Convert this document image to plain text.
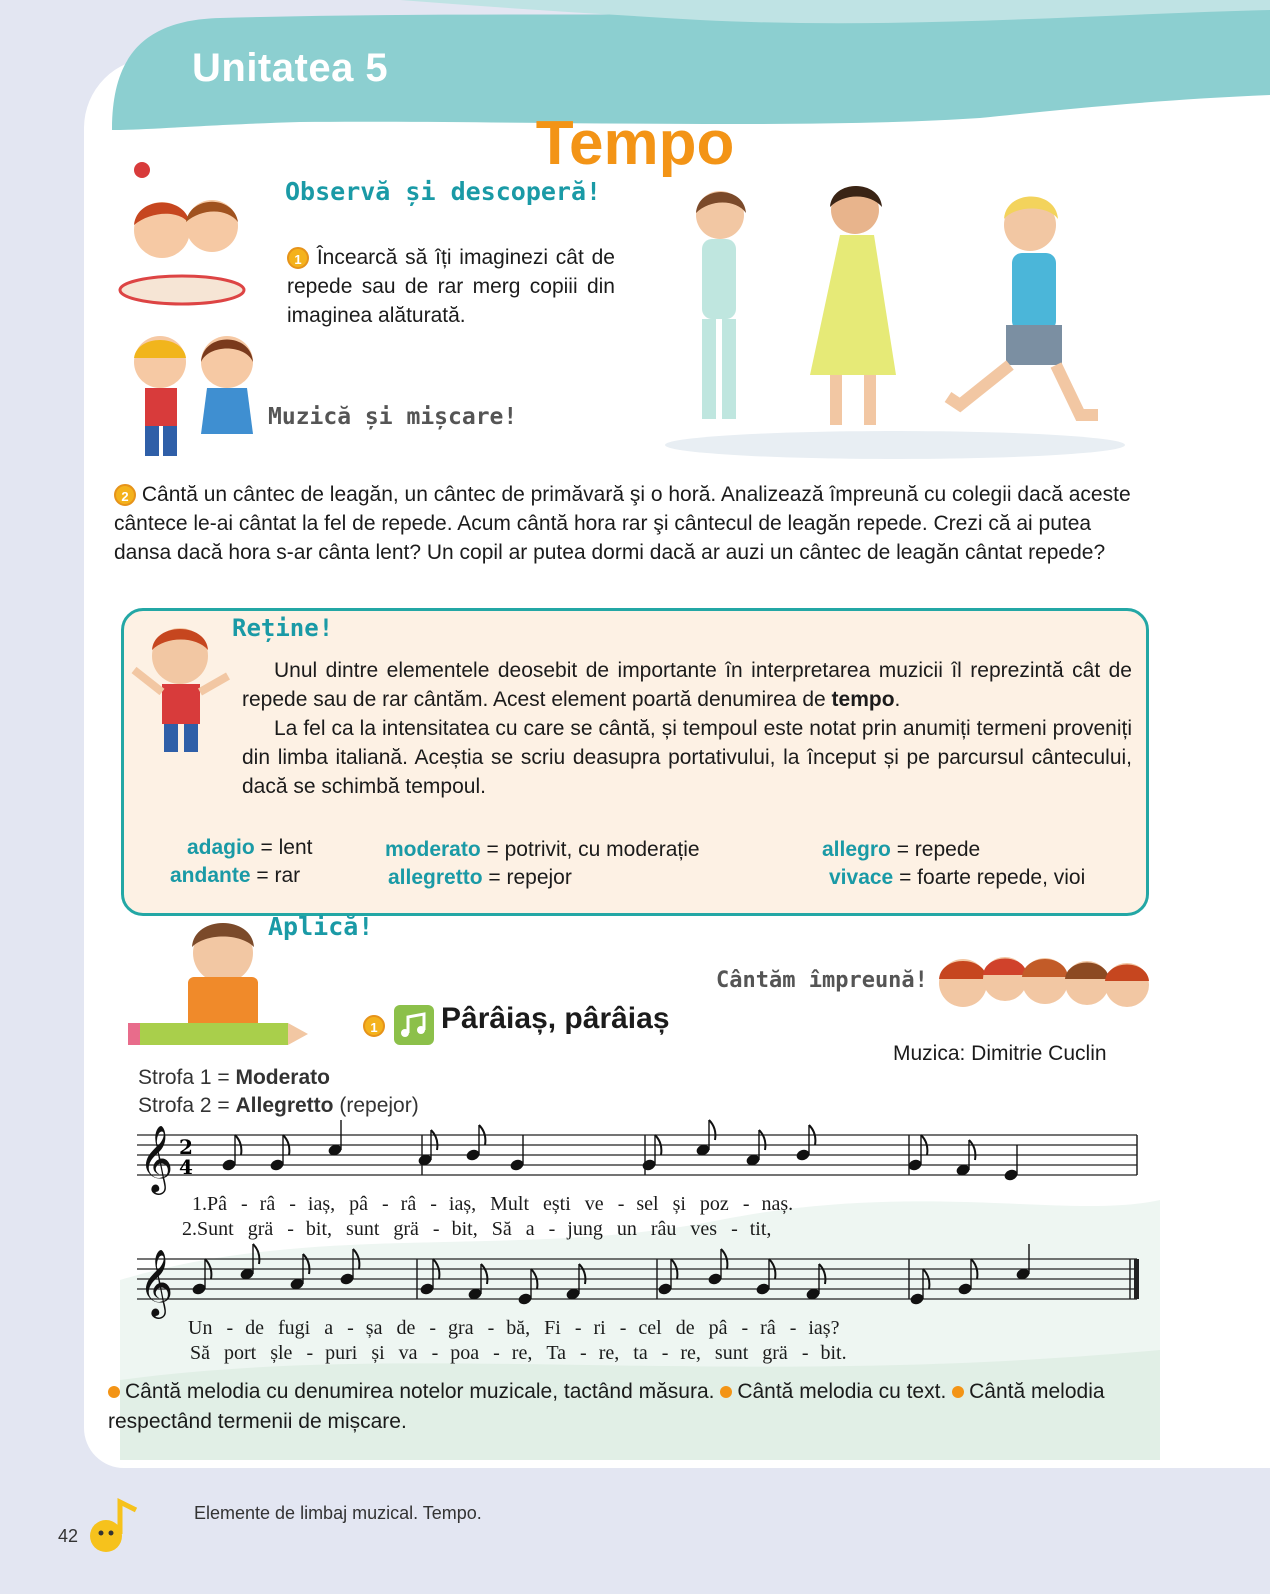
Unitatea 5
Tempo
Observă și descoperă!
1 Încearcă să îți imaginezi cât de repede sau de rar merg copiii din imaginea alăturată.
Muzică și mișcare!
2 Cântă un cântec de leagăn, un cântec de primăvară şi o horă. Analizează împreună cu colegii dacă aceste cântece le-ai cântat la fel de repede. Acum cântă hora rar şi cântecul de leagăn repede. Crezi că ai putea dansa dacă hora s-ar cânta lent? Un copil ar putea dormi dacă ar auzi un cântec de leagăn cântat repede?
Reține!

Unul dintre elementele deosebit de importante în interpretarea muzicii îl reprezintă cât de repede sau de rar cântăm. Acest element poartă denumirea de tempo.

La fel ca la intensitatea cu care se cântă, și tempoul este notat prin anumiți termeni proveniți din limba italiană. Aceștia se scriu deasupra portativului, la început și pe parcursul cântecului, dacă se schimbă tempoul.

adagio = lent
andante = rar
moderato = potrivit, cu moderație
allegretto = repejor
allegro = repede
vivace = foarte repede, vioi
Aplică!
Cântăm împreună!
1 Pârâiaș, pârâiaș
Muzica: Dimitrie Cuclin
Strofa 1 = Moderato
Strofa 2 = Allegretto (repejor)
𝄞 2
4
𝄞
1.Pâ - râ - iaș, pâ - râ - iaș, Mult ești ve - sel și poz - naș.
2.Sunt grä - bit, sunt grä - bit, Să a - jung un râu ves - tit,
Un - de fugi a - șa de - gra - bă, Fi - ri - cel de pâ - râ - iaș?
Să port șle - puri și va - poa - re, Ta - re, ta - re, sunt grä - bit.
Cântă melodia cu denumirea notelor muzicale, tactând măsura. Cântă melodia cu text. Cântă melodia respectând termenii de mișcare.
42
Elemente de limbaj muzical. Tempo.
